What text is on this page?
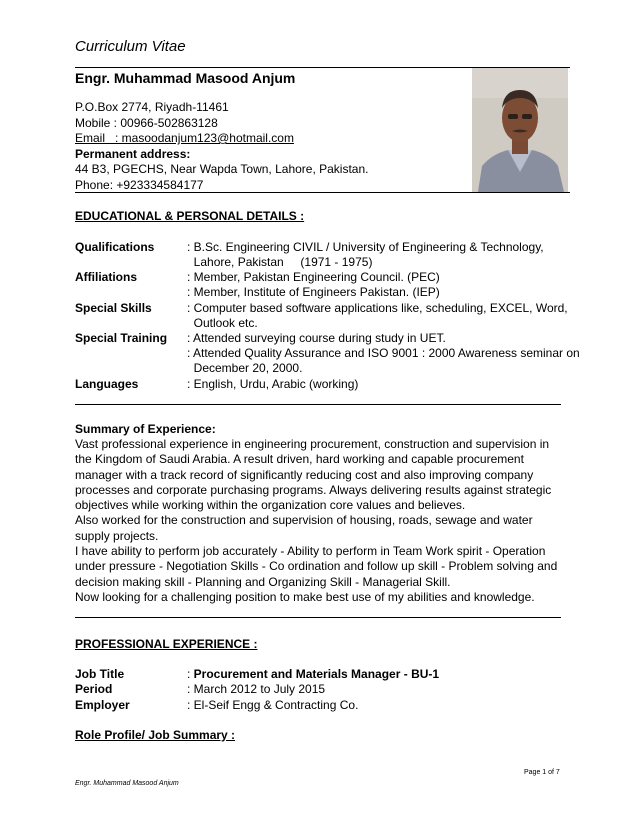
Curriculum Vitae
Engr. Muhammad Masood Anjum
P.O.Box 2774, Riyadh-11461
Mobile : 00966-502863128
Email   : masoodanjum123@hotmail.com
Permanent address:
44 B3, PGECHS, Near Wapda Town, Lahore, Pakistan.
Phone: +923334584177
EDUCATIONAL & PERSONAL DETAILS :
Qualifications	: B.Sc. Engineering CIVIL / University of Engineering & Technology,
Lahore, Pakistan     (1971 - 1975)
Affiliations	: Member, Pakistan Engineering Council. (PEC)
: Member, Institute of Engineers Pakistan. (IEP)
Special Skills	: Computer based software applications like, scheduling, EXCEL, Word,
Outlook etc.
Special Training : Attended surveying course during study in UET.
: Attended Quality Assurance and ISO 9001 : 2000 Awareness seminar on
December 20, 2000.
Languages	: English, Urdu, Arabic (working)
Summary of Experience:

Vast professional experience in engineering procurement, construction and supervision in the Kingdom of Saudi Arabia. A result driven, hard working and capable procurement manager with a track record of significantly reducing cost and also improving company processes and corporate purchasing programs. Always delivering results against strategic objectives while working within the organization core values and believes.

Also worked for the construction and supervision of housing, roads, sewage and water supply projects.

I have ability to perform job accurately - Ability to perform in Team Work spirit - Operation under pressure - Negotiation Skills - Co ordination and follow up skill - Problem solving and decision making skill - Planning and Organizing Skill - Managerial Skill.

Now looking for a challenging position to make best use of my abilities and knowledge.

PROFESSIONAL EXPERIENCE :
Job Title	: Procurement and Materials Manager - BU-1
Period	: March 2012 to July 2015
Employer	: El-Seif Engg & Contracting Co.
Role Profile/ Job Summary :
Page 1 of 7
Engr. Muhammad Masood Anjum
